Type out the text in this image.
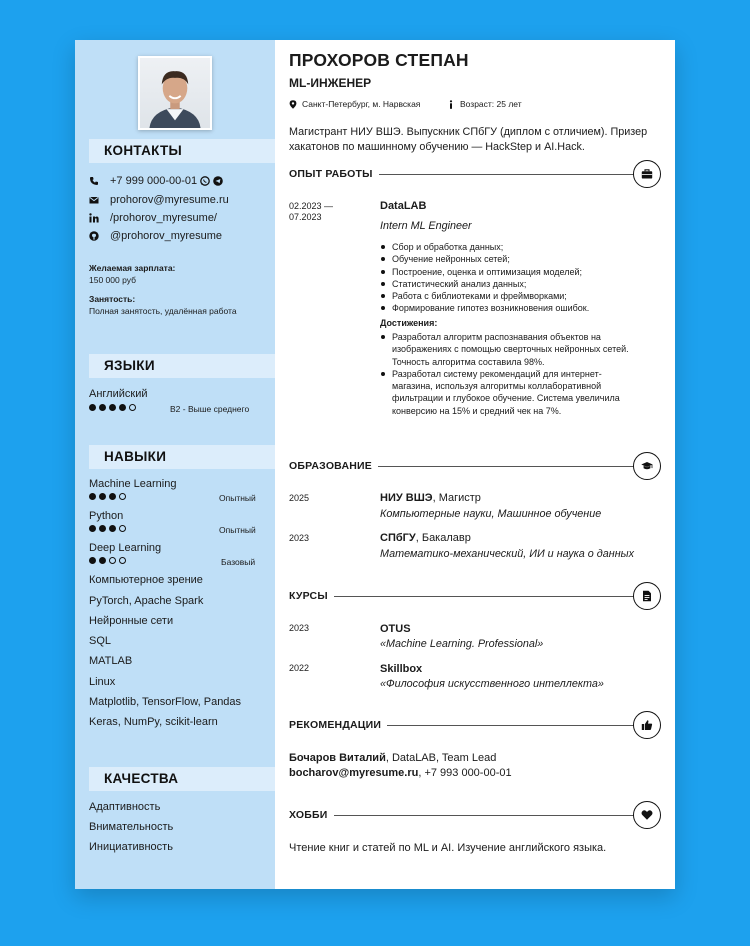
КОНТАКТЫ
+7 999 000-00-01
prohorov@myresume.ru
/prohorov_myresume/
@prohorov_myresume
Желаемая зарплата:
150 000 руб
Занятость:
Полная занятость, удалённая работа
ЯЗЫКИ
Английский
B2 - Выше среднего
НАВЫКИ
Machine Learning
Опытный
Python
Опытный
Deep Learning
Базовый
Компьютерное зрение
PyTorch, Apache Spark
Нейронные сети
SQL
MATLAB
Linux
Matplotlib, TensorFlow, Pandas
Keras, NumPy, scikit-learn
КАЧЕСТВА
Адаптивность
Внимательность
Инициативность
ПРОХОРОВ СТЕПАН
ML-ИНЖЕНЕР
Санкт-Петербург, м. Нарвская	Возраст: 25 лет
Магистрант НИУ ВШЭ. Выпускник СПбГУ (диплом с отличием). Призер хакатонов по машинному обучению — HackStep и AI.Hack.
ОПЫТ РАБОТЫ
02.2023 —
07.2023
DataLAB
Intern ML Engineer
Сбор и обработка данных;
Обучение нейронных сетей;
Построение, оценка и оптимизация моделей;
Статистический анализ данных;
Работа с библиотеками и фреймворками;
Формирование гипотез возникновения ошибок.
Достижения:
Разработал алгоритм распознавания объектов на изображениях с помощью сверточных нейронных сетей. Точность алгоритма составила 98%.
Разработал систему рекомендаций для интернет-магазина, используя алгоритмы коллаборативной фильтрации и глубокое обучение. Система увеличила конверсию на 15% и средний чек на 7%.
ОБРАЗОВАНИЕ
2025	НИУ ВШЭ, Магистр
Компьютерные науки, Машинное обучение
2023	СПбГУ, Бакалавр
Математико-механический, ИИ и наука о данных
КУРСЫ
2023	OTUS
«Machine Learning. Professional»
2022	Skillbox
«Философия искусственного интеллекта»
РЕКОМЕНДАЦИИ
Бочаров Виталий, DataLAB, Team Lead
bocharov@myresume.ru, +7 993 000-00-01
ХОББИ
Чтение книг и статей по ML и AI. Изучение английского языка.
